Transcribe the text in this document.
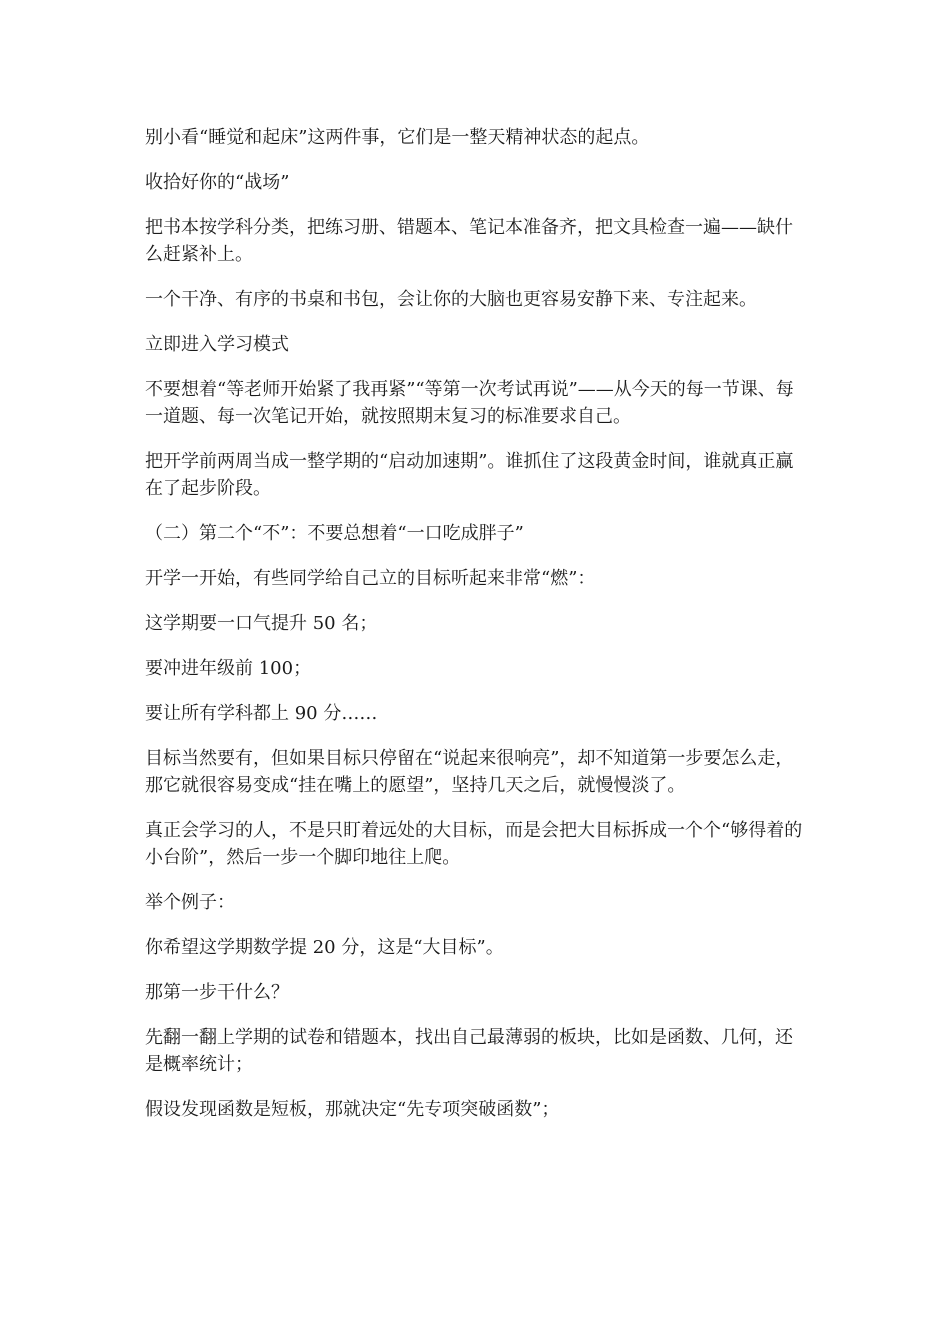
别小看“睡觉和起床”这两件事，它们是一整天精神状态的起点。

收拾好你的“战场”

把书本按学科分类，把练习册、错题本、笔记本准备齐，把文具检查一遍——缺什么赶紧补上。

一个干净、有序的书桌和书包，会让你的大脑也更容易安静下来、专注起来。

立即进入学习模式

不要想着“等老师开始紧了我再紧”“等第一次考试再说”——从今天的每一节课、每一道题、每一次笔记开始，就按照期末复习的标准要求自己。

把开学前两周当成一整学期的“启动加速期”。谁抓住了这段黄金时间，谁就真正赢在了起步阶段。

（二）第二个“不”：不要总想着“一口吃成胖子”

开学一开始，有些同学给自己立的目标听起来非常“燃”：

这学期要一口气提升 50 名；

要冲进年级前 100；

要让所有学科都上 90 分……

目标当然要有，但如果目标只停留在“说起来很响亮”，却不知道第一步要怎么走，那它就很容易变成“挂在嘴上的愿望”，坚持几天之后，就慢慢淡了。

真正会学习的人，不是只盯着远处的大目标，而是会把大目标拆成一个个“够得着的小台阶”，然后一步一个脚印地往上爬。

举个例子：

你希望这学期数学提 20 分，这是“大目标”。

那第一步干什么？

先翻一翻上学期的试卷和错题本，找出自己最薄弱的板块，比如是函数、几何，还是概率统计；

假设发现函数是短板，那就决定“先专项突破函数”；
